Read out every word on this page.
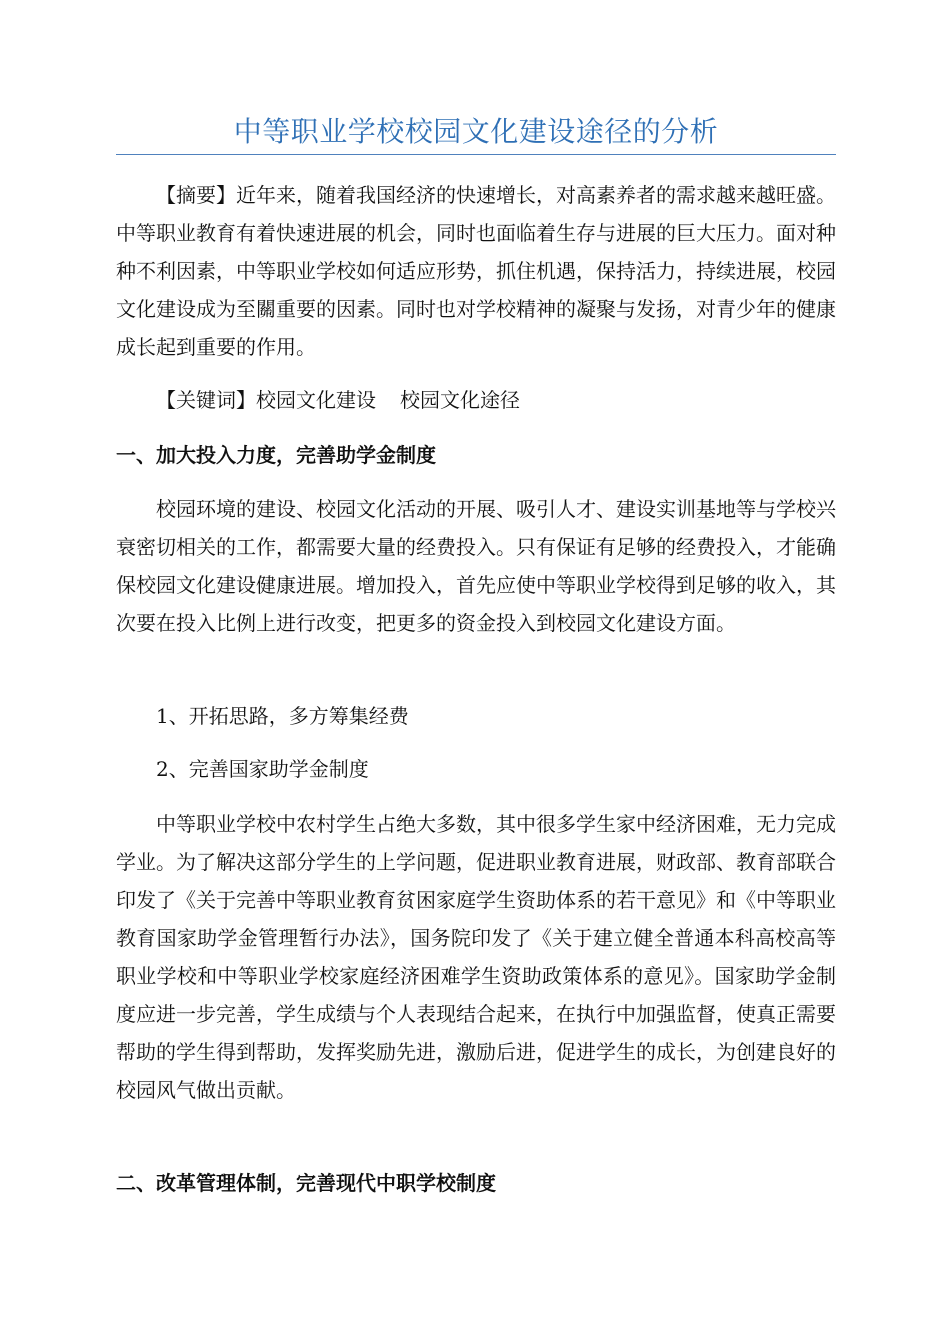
中等职业学校校园文化建设途径的分析
【摘要】近年来，随着我国经济的快速增长，对高素养者的需求越来越旺盛。中等职业教育有着快速进展的机会，同时也面临着生存与进展的巨大压力。面对种种不利因素，中等职业学校如何适应形势，抓住机遇，保持活力，持续进展，校园文化建设成为至關重要的因素。同时也对学校精神的凝聚与发扬，对青少年的健康成长起到重要的作用。
【关键词】校园文化建设 校园文化途径
一、加大投入力度，完善助学金制度
校园环境的建设、校园文化活动的开展、吸引人才、建设实训基地等与学校兴衰密切相关的工作，都需要大量的经费投入。只有保证有足够的经费投入，才能确保校园文化建设健康进展。增加投入，首先应使中等职业学校得到足够的收入，其次要在投入比例上进行改变，把更多的资金投入到校园文化建设方面。
1、开拓思路，多方筹集经费
2、完善国家助学金制度
中等职业学校中农村学生占绝大多数，其中很多学生家中经济困难，无力完成学业。为了解决这部分学生的上学问题，促进职业教育进展，财政部、教育部联合印发了《关于完善中等职业教育贫困家庭学生资助体系的若干意见》和《中等职业教育国家助学金管理暂行办法》，国务院印发了《关于建立健全普通本科高校高等职业学校和中等职业学校家庭经济困难学生资助政策体系的意见》。国家助学金制度应进一步完善，学生成绩与个人表现结合起来，在执行中加强监督，使真正需要帮助的学生得到帮助，发挥奖励先进，激励后进，促进学生的成长，为创建良好的校园风气做出贡献。
二、改革管理体制，完善现代中职学校制度
